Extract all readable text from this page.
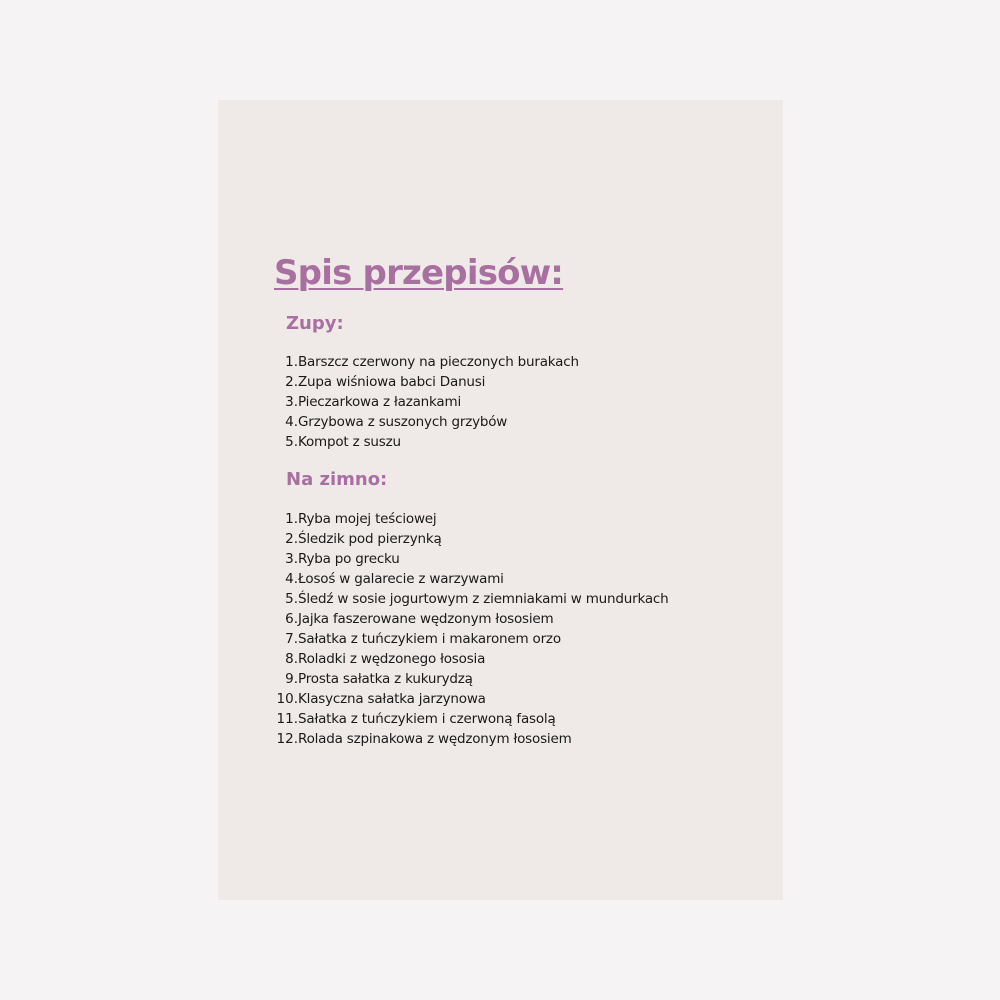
Spis przepisów:
Zupy:
1. Barszcz czerwony na pieczonych burakach
2. Zupa wiśniowa babci Danusi
3. Pieczarkowa z łazankami
4. Grzybowa z suszonych grzybów
5. Kompot z suszu
Na zimno:
1. Ryba mojej teściowej
2. Śledzik pod pierzynką
3. Ryba po grecku
4. Łosoś w galarecie z warzywami
5. Śledź w sosie jogurtowym z ziemniakami w mundurkach
6. Jajka faszerowane wędzonym łososiem
7. Sałatka z tuńczykiem i makaronem orzo
8. Roladki z wędzonego łososia
9. Prosta sałatka z kukurydzą
10. Klasyczna sałatka jarzynowa
11. Sałatka z tuńczykiem i czerwoną fasolą
12. Rolada szpinakowa z wędzonym łososiem
